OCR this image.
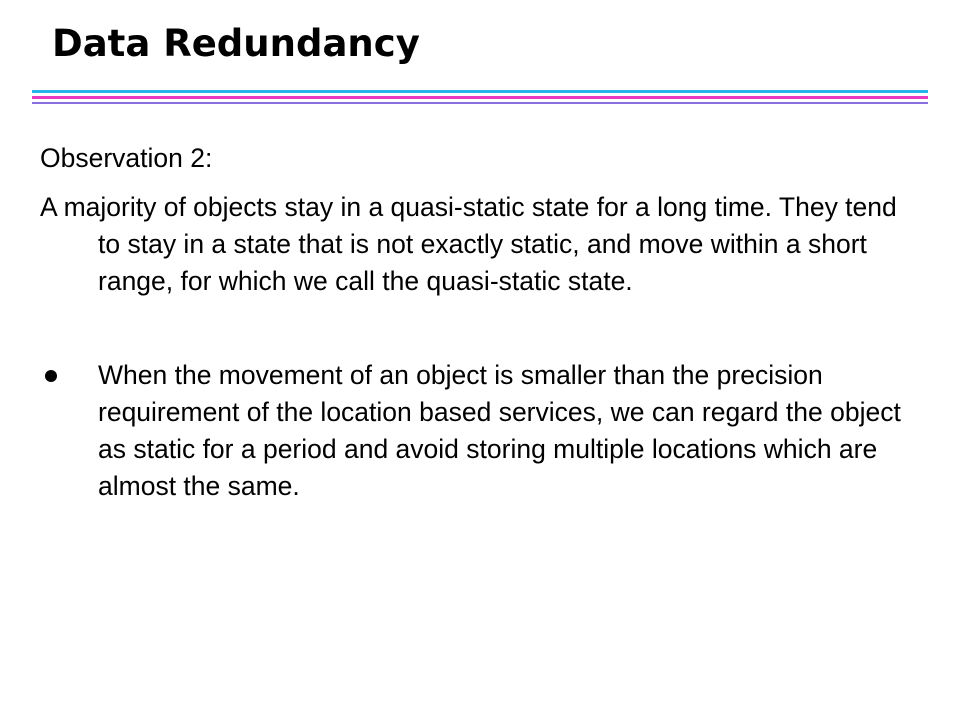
Data Redundancy

Observation 2:

A majority of objects stay in a quasi-static state for a long time. They tend to stay in a state that is not exactly static, and move within a short range, for which we call the quasi-static state.

When the movement of an object is smaller than the precision requirement of the location based services, we can regard the object as static for a period and avoid storing multiple locations which are almost the same.
